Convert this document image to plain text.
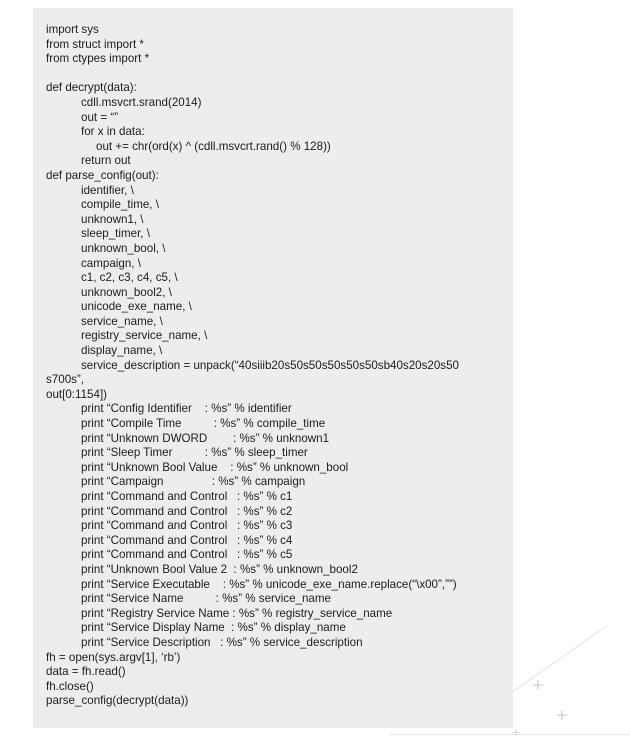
import sys
from struct import *
from ctypes import *
def decrypt(data):
cdll.msvcrt.srand(2014)
out = “”
for x in data:
out += chr(ord(x) ^ (cdll.msvcrt.rand() % 128))
return out
def parse_config(out):
identifier, \
compile_time, \
unknown1, \
sleep_timer, \
unknown_bool, \
campaign, \
c1, c2, c3, c4, c5, \
unknown_bool2, \
unicode_exe_name, \
service_name, \
registry_service_name, \
display_name, \
service_description = unpack(“40siiib20s50s50s50s50s50sb40s20s20s50
s700s”,
out[0:1154])
print “Config Identifier    : %s” % identifier
print “Compile Time          : %s” % compile_time
print “Unknown DWORD        : %s” % unknown1
print “Sleep Timer          : %s” % sleep_timer
print “Unknown Bool Value    : %s” % unknown_bool
print “Campaign               : %s” % campaign
print “Command and Control   : %s” % c1
print “Command and Control   : %s” % c2
print “Command and Control   : %s” % c3
print “Command and Control   : %s” % c4
print “Command and Control   : %s” % c5
print “Unknown Bool Value 2  : %s” % unknown_bool2
print “Service Executable    : %s” % unicode_exe_name.replace(“\x00”,””)
print “Service Name          : %s” % service_name
print “Registry Service Name : %s” % registry_service_name
print “Service Display Name  : %s” % display_name
print “Service Description   : %s” % service_description
fh = open(sys.argv[1], ‘rb’)
data = fh.read()
fh.close()
parse_config(decrypt(data))
+
+
+
